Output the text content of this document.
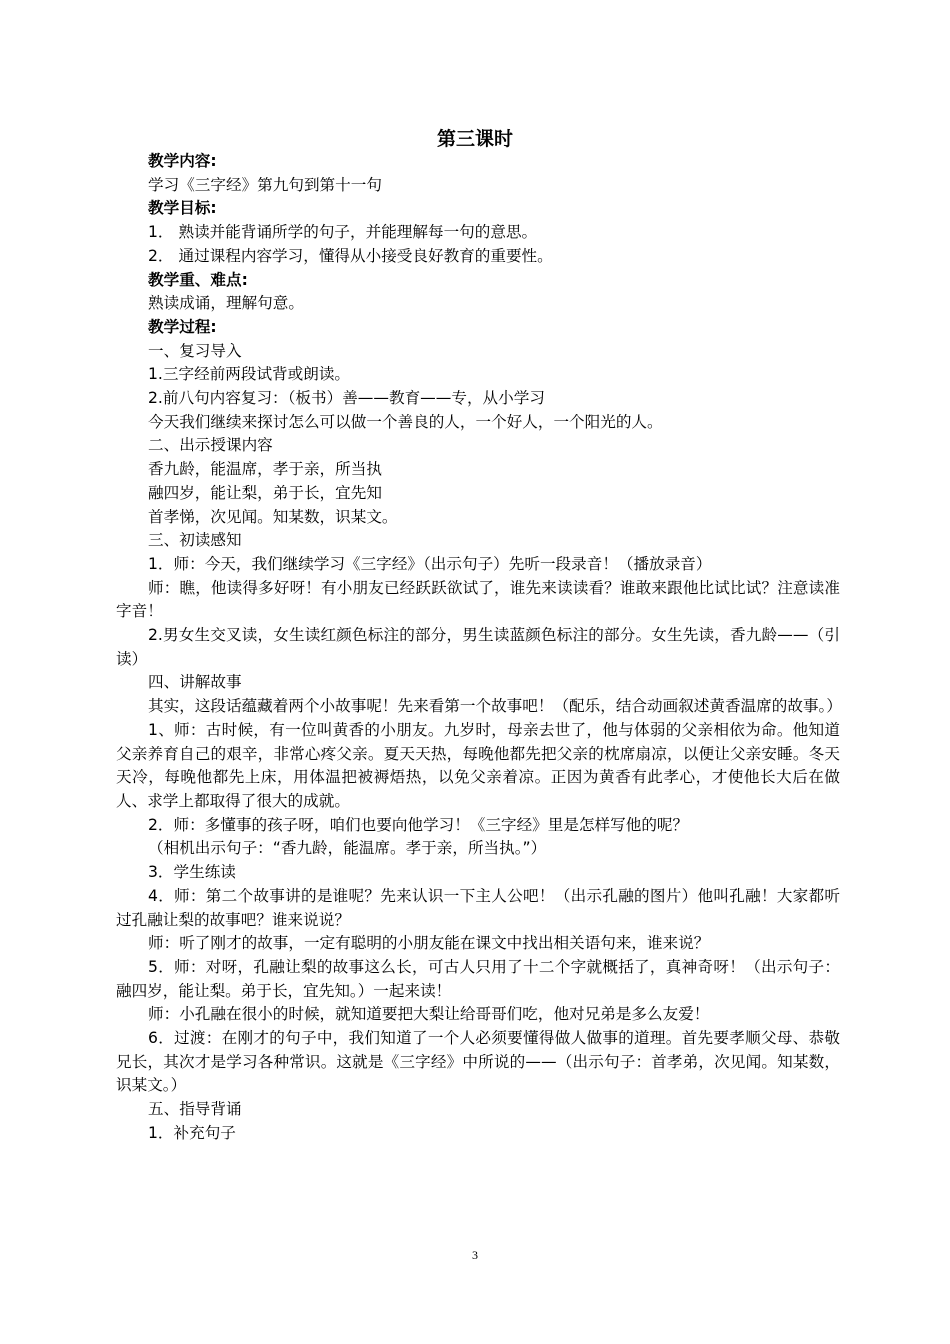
第三课时

教学内容:

学习《三字经》第九句到第十一句

教学目标:

1． 熟读并能背诵所学的句子，并能理解每一句的意思。

2． 通过课程内容学习，懂得从小接受良好教育的重要性。

教学重、难点:

熟读成诵，理解句意。

教学过程:

一、复习导入

1.三字经前两段试背或朗读。

2.前八句内容复习：（板书）善——教育——专，从小学习

今天我们继续来探讨怎么可以做一个善良的人，一个好人，一个阳光的人。

二、出示授课内容

香九龄，能温席，孝于亲，所当执

融四岁，能让梨，弟于长，宜先知

首孝悌，次见闻。知某数，识某文。

三、初读感知

1．师：今天，我们继续学习《三字经》（出示句子）先听一段录音！（播放录音）

师：瞧，他读得多好呀！有小朋友已经跃跃欲试了，谁先来读读看？谁敢来跟他比试比试？注意读准字音！

2.男女生交叉读，女生读红颜色标注的部分，男生读蓝颜色标注的部分。女生先读，香九龄——（引读）

四、讲解故事

其实，这段话蕴藏着两个小故事呢！先来看第一个故事吧！（配乐，结合动画叙述黄香温席的故事。）

1、师：古时候，有一位叫黄香的小朋友。九岁时，母亲去世了，他与体弱的父亲相依为命。他知道父亲养育自己的艰辛，非常心疼父亲。夏天天热，每晚他都先把父亲的枕席扇凉，以便让父亲安睡。冬天天冷，每晚他都先上床，用体温把被褥焐热，以免父亲着凉。正因为黄香有此孝心，才使他长大后在做人、求学上都取得了很大的成就。

2．师：多懂事的孩子呀，咱们也要向他学习！《三字经》里是怎样写他的呢？

（相机出示句子：“香九龄，能温席。孝于亲，所当执。”）

3．学生练读

4．师：第二个故事讲的是谁呢？先来认识一下主人公吧！（出示孔融的图片）他叫孔融！大家都听过孔融让梨的故事吧？谁来说说？

师：听了刚才的故事，一定有聪明的小朋友能在课文中找出相关语句来，谁来说？

5．师：对呀，孔融让梨的故事这么长，可古人只用了十二个字就概括了，真神奇呀！（出示句子：融四岁，能让梨。弟于长，宜先知。）一起来读！

师：小孔融在很小的时候，就知道要把大梨让给哥哥们吃，他对兄弟是多么友爱！

6．过渡：在刚才的句子中，我们知道了一个人必须要懂得做人做事的道理。首先要孝顺父母、恭敬兄长，其次才是学习各种常识。这就是《三字经》中所说的——（出示句子：首孝弟，次见闻。知某数，识某文。）

五、指导背诵

1．补充句子

3
